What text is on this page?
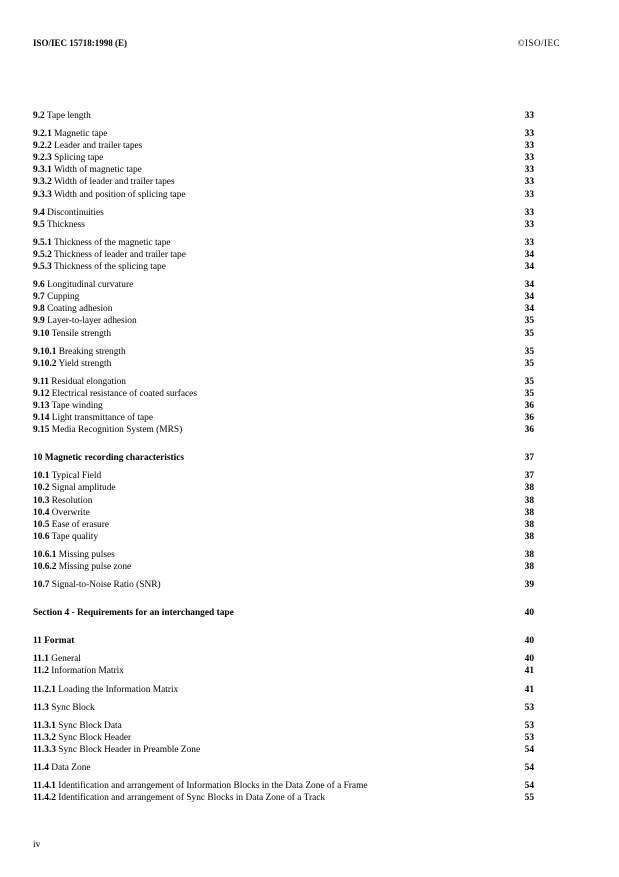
ISO/IEC 15718:1998 (E)	©ISO/IEC
9.2 Tape length	33
9.2.1 Magnetic tape	33
9.2.2 Leader and trailer tapes	33
9.2.3 Splicing tape	33
9.3.1 Width of magnetic tape	33
9.3.2 Width of leader and trailer tapes	33
9.3.3 Width and position of splicing tape	33
9.4 Discontinuities	33
9.5 Thickness	33
9.5.1 Thickness of the magnetic tape	33
9.5.2 Thickness of leader and trailer tape	34
9.5.3 Thickness of the splicing tape	34
9.6 Longitudinal curvature	34
9.7 Cupping	34
9.8 Coating adhesion	34
9.9 Layer-to-layer adhesion	35
9.10 Tensile strength	35
9.10.1 Breaking strength	35
9.10.2 Yield strength	35
9.11 Residual elongation	35
9.12 Electrical resistance of coated surfaces	35
9.13 Tape winding	36
9.14 Light transmittance of tape	36
9.15 Media Recognition System (MRS)	36
10 Magnetic recording characteristics	37
10.1 Typical Field	37
10.2 Signal amplitude	38
10.3 Resolution	38
10.4 Overwrite	38
10.5 Ease of erasure	38
10.6 Tape quality	38
10.6.1 Missing pulses	38
10.6.2 Missing pulse zone	38
10.7 Signal-to-Noise Ratio (SNR)	39
Section 4 - Requirements for an interchanged tape	40
11 Format	40
11.1 General	40
11.2 Information Matrix	41
11.2.1 Loading the Information Matrix	41
11.3 Sync Block	53
11.3.1 Sync Block Data	53
11.3.2 Sync Block Header	53
11.3.3 Sync Block Header in Preamble Zone	54
11.4 Data Zone	54
11.4.1 Identification and arrangement of Information Blocks in the Data Zone of a Frame	54
11.4.2 Identification and arrangement of Sync Blocks in Data Zone of a Track	55
iv
